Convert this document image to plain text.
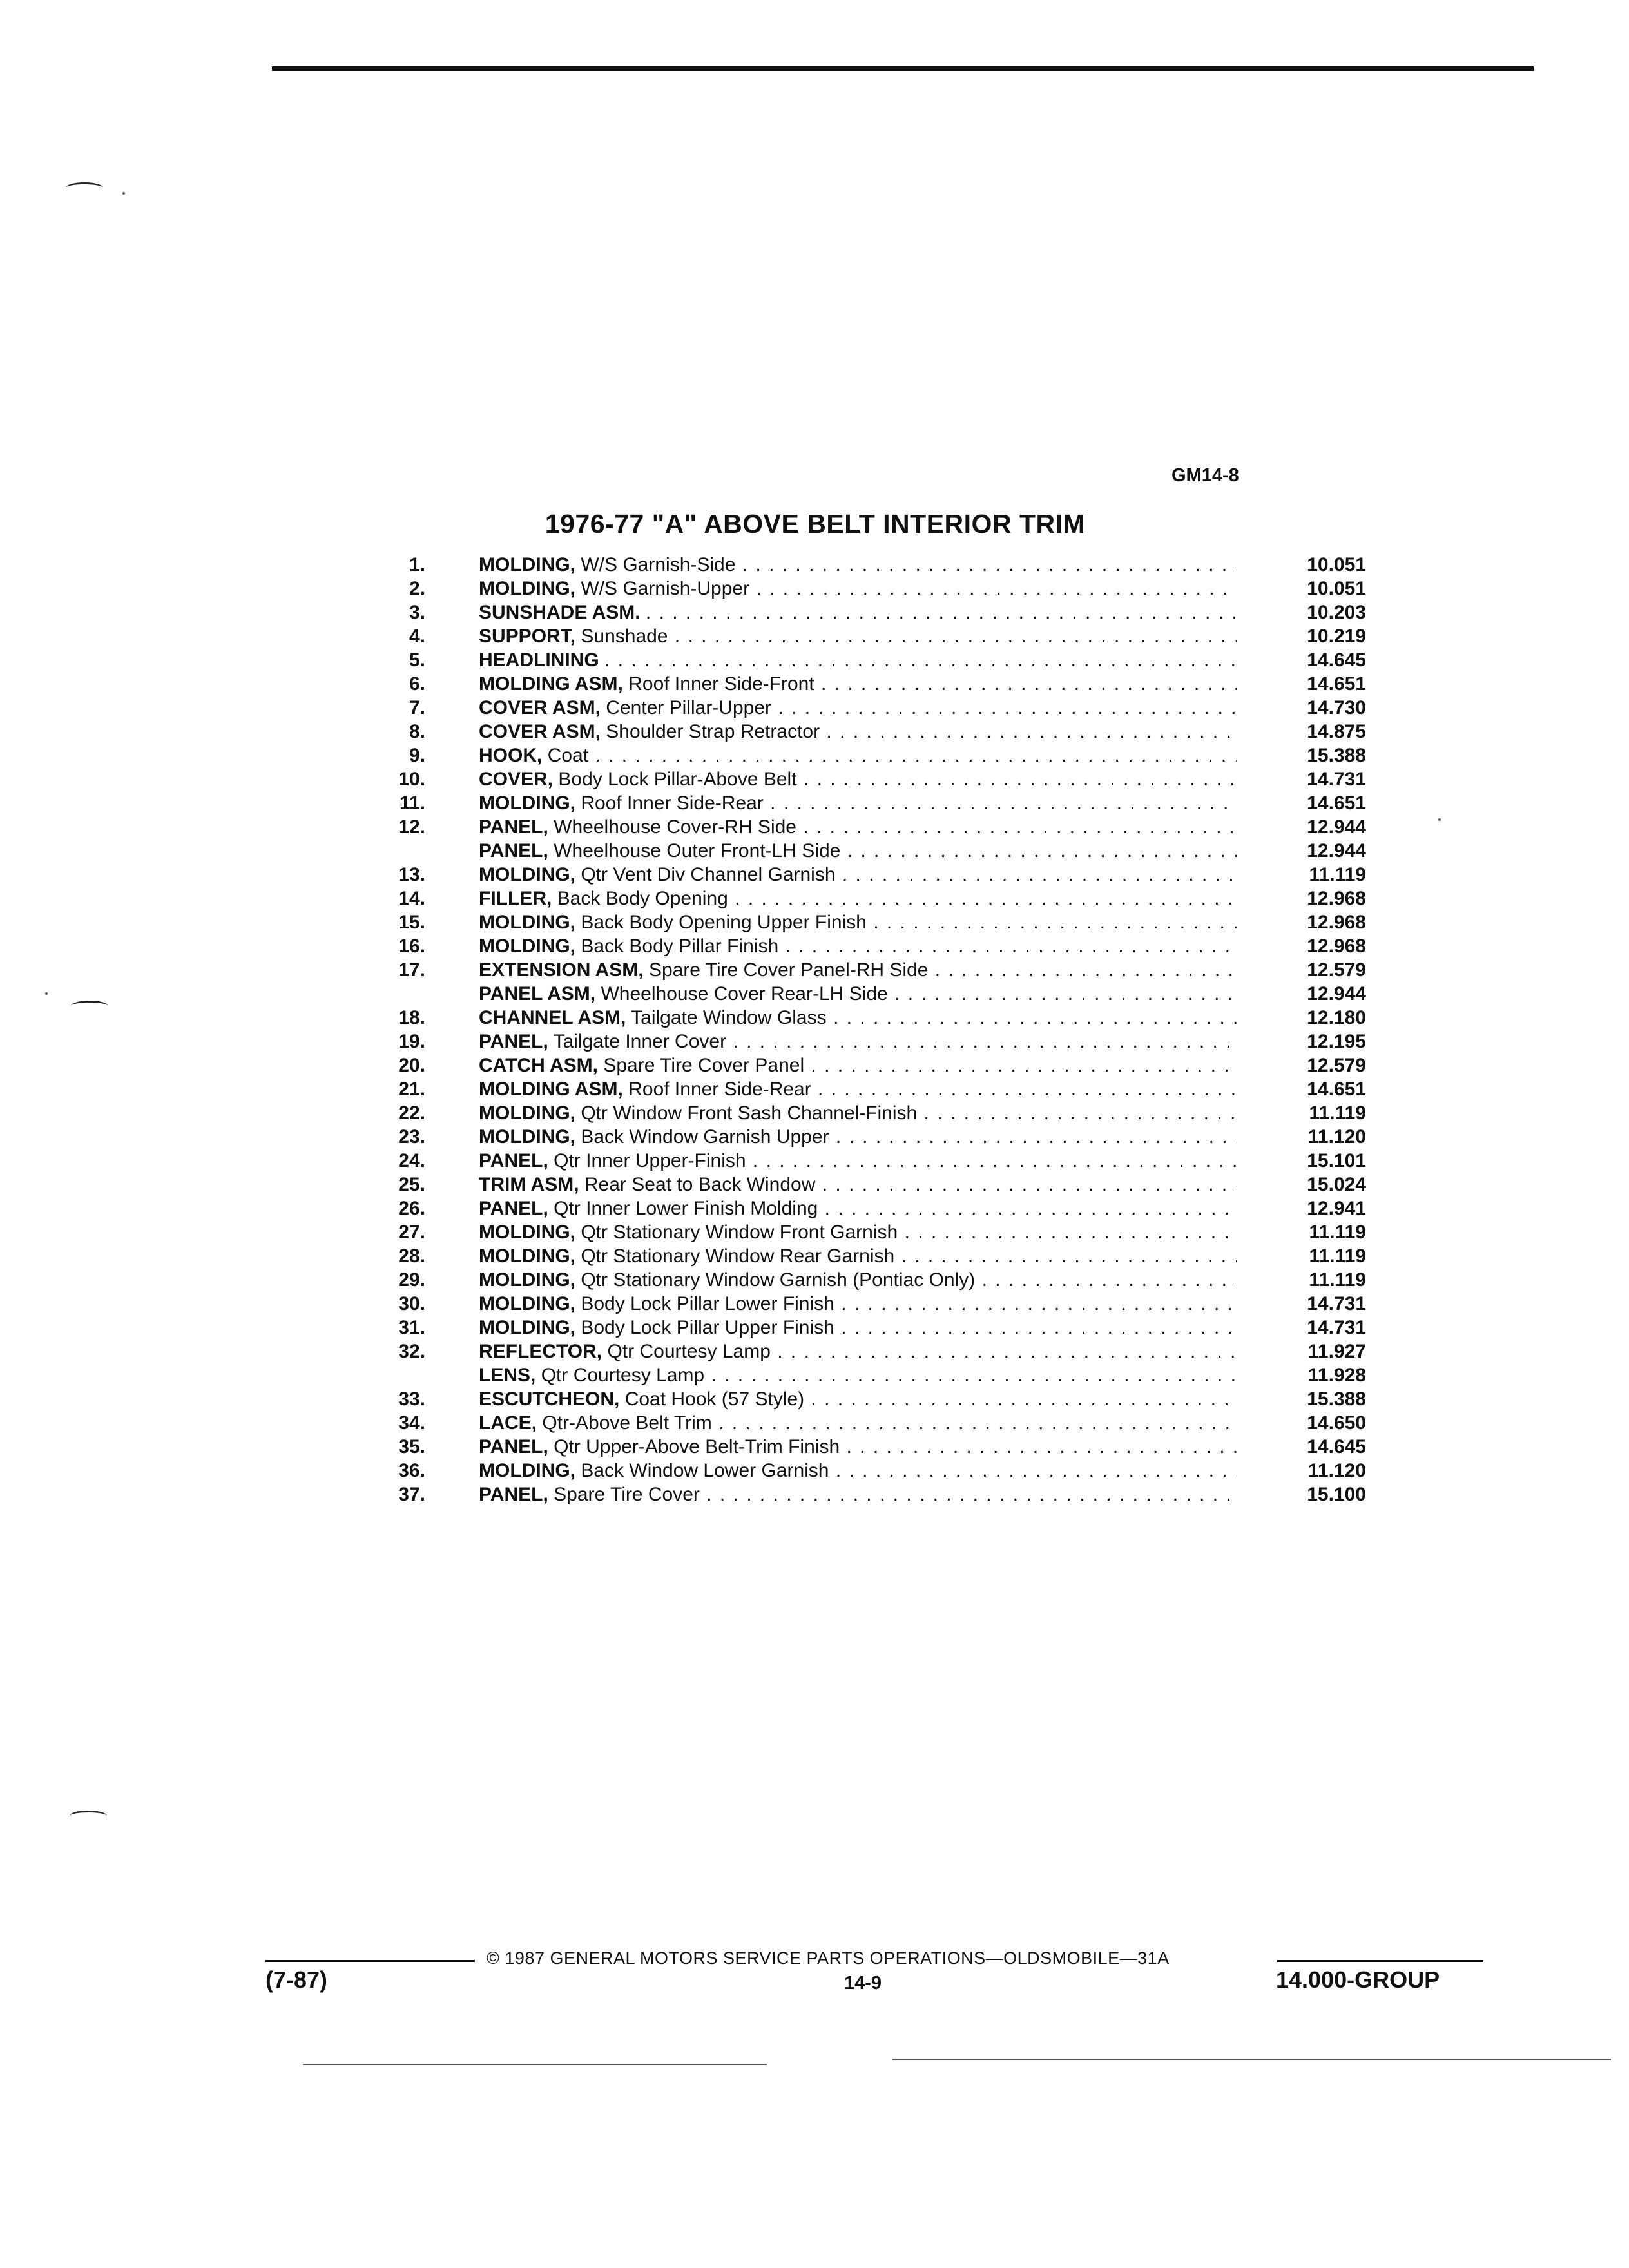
GM14-8
1976-77 "A" ABOVE BELT INTERIOR TRIM
1.	MOLDING, W/S Garnish-Side . . .	10.051
2.	MOLDING, W/S Garnish-Upper . . .	10.051
3.	SUNSHADE ASM. . . .	10.203
4.	SUPPORT, Sunshade . . .	10.219
5.	HEADLINING . . .	14.645
6.	MOLDING ASM, Roof Inner Side-Front . . .	14.651
7.	COVER ASM, Center Pillar-Upper . . .	14.730
8.	COVER ASM, Shoulder Strap Retractor . . .	14.875
9.	HOOK, Coat . . .	15.388
10.	COVER, Body Lock Pillar-Above Belt . . .	14.731
11.	MOLDING, Roof Inner Side-Rear . . .	14.651
12.	PANEL, Wheelhouse Cover-RH Side . . .	12.944
PANEL, Wheelhouse Outer Front-LH Side . . .	12.944
13.	MOLDING, Qtr Vent Div Channel Garnish . . .	11.119
14.	FILLER, Back Body Opening . . .	12.968
15.	MOLDING, Back Body Opening Upper Finish . . .	12.968
16.	MOLDING, Back Body Pillar Finish . . .	12.968
17.	EXTENSION ASM, Spare Tire Cover Panel-RH Side . . .	12.579
PANEL ASM, Wheelhouse Cover Rear-LH Side . . .	12.944
18.	CHANNEL ASM, Tailgate Window Glass . . .	12.180
19.	PANEL, Tailgate Inner Cover . . .	12.195
20.	CATCH ASM, Spare Tire Cover Panel . . .	12.579
21.	MOLDING ASM, Roof Inner Side-Rear . . .	14.651
22.	MOLDING, Qtr Window Front Sash Channel-Finish . . .	11.119
23.	MOLDING, Back Window Garnish Upper . . .	11.120
24.	PANEL, Qtr Inner Upper-Finish . . .	15.101
25.	TRIM ASM, Rear Seat to Back Window . . .	15.024
26.	PANEL, Qtr Inner Lower Finish Molding . . .	12.941
27.	MOLDING, Qtr Stationary Window Front Garnish . . .	11.119
28.	MOLDING, Qtr Stationary Window Rear Garnish . . .	11.119
29.	MOLDING, Qtr Stationary Window Garnish (Pontiac Only) . . .	11.119
30.	MOLDING, Body Lock Pillar Lower Finish . . .	14.731
31.	MOLDING, Body Lock Pillar Upper Finish . . .	14.731
32.	REFLECTOR, Qtr Courtesy Lamp . . .	11.927
LENS, Qtr Courtesy Lamp . . .	11.928
33.	ESCUTCHEON, Coat Hook (57 Style) . . .	15.388
34.	LACE, Qtr-Above Belt Trim . . .	14.650
35.	PANEL, Qtr Upper-Above Belt-Trim Finish . . .	14.645
36.	MOLDING, Back Window Lower Garnish . . .	11.120
37.	PANEL, Spare Tire Cover . . .	15.100
© 1987 GENERAL MOTORS SERVICE PARTS OPERATIONS—OLDSMOBILE—31A
(7-87)	14-9	14.000-GROUP
